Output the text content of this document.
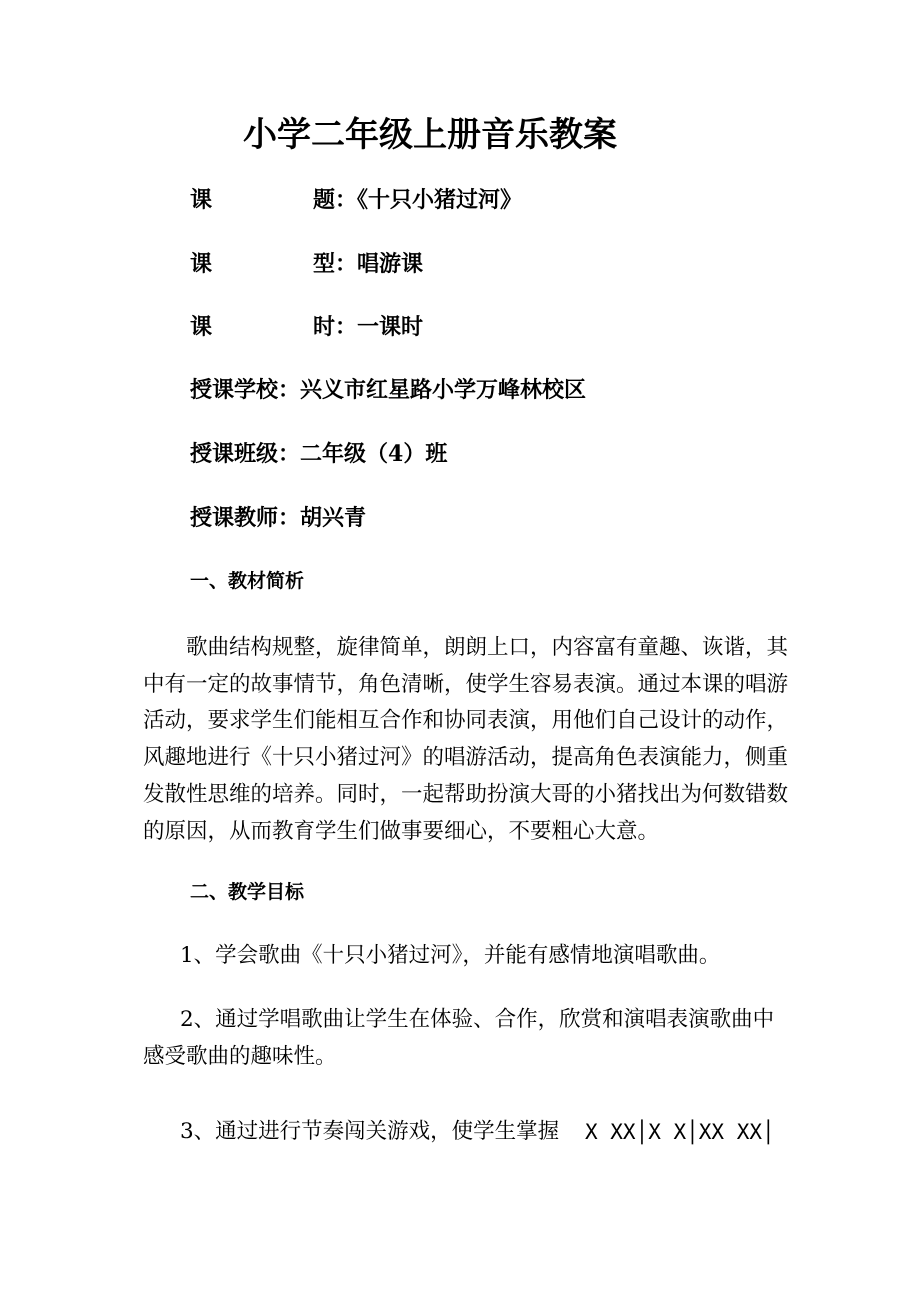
小学二年级上册音乐教案
课	题：《十只小猪过河》
课	型：唱游课
课	时：一课时
授课学校：兴义市红星路小学万峰林校区
授课班级：二年级（4）班
授课教师：胡兴青
一、教材简析
歌曲结构规整，旋律简单，朗朗上口，内容富有童趣、诙谐，其
中有一定的故事情节，角色清晰，使学生容易表演。通过本课的唱游
活动，要求学生们能相互合作和协同表演，用他们自己设计的动作，
风趣地进行《十只小猪过河》的唱游活动，提高角色表演能力，侧重
发散性思维的培养。同时，一起帮助扮演大哥的小猪找出为何数错数
的原因，从而教育学生们做事要细心，不要粗心大意。
二、教学目标
1、学会歌曲《十只小猪过河》，并能有感情地演唱歌曲。
2、通过学唱歌曲让学生在体验、合作，欣赏和演唱表演歌曲中
感受歌曲的趣味性。
3、通过进行节奏闯关游戏，使学生掌握	X XX│X X│XX XX│
